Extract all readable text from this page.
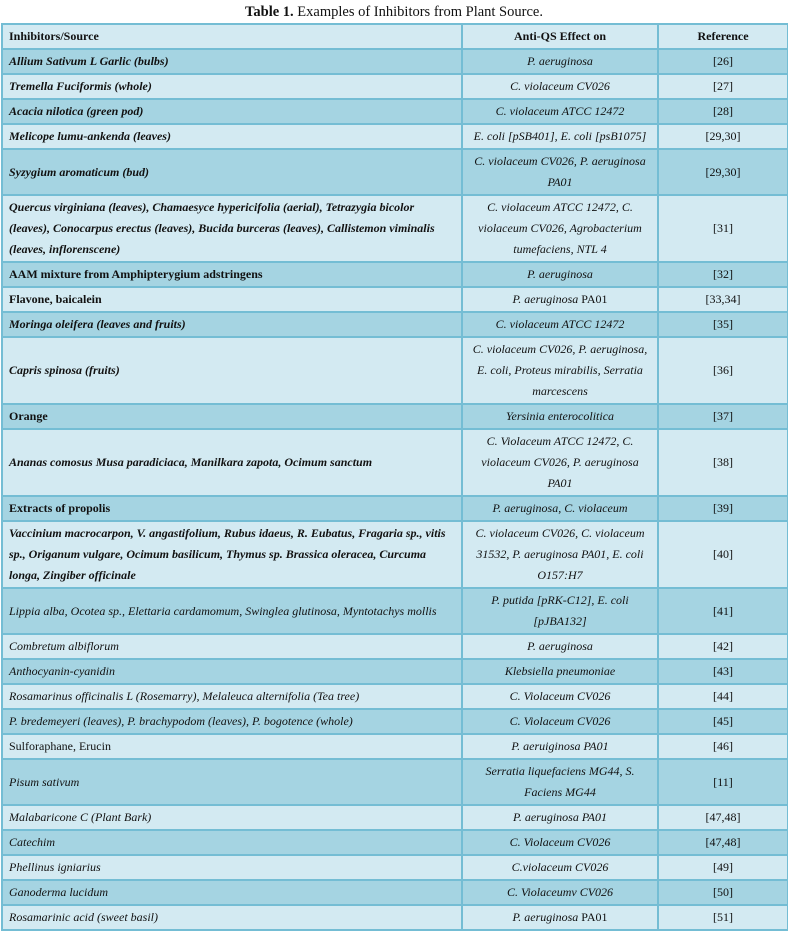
Table 1. Examples of Inhibitors from Plant Source.
Inhibitors/Source	Anti-QS Effect on	Reference
Allium Sativum L Garlic (bulbs)	P. aeruginosa	[26]
Tremella Fuciformis (whole)	C. violaceum CV026	[27]
Acacia nilotica (green pod)	C. violaceum ATCC 12472	[28]
Melicope lumu-ankenda (leaves)	E. coli [pSB401], E. coli [psB1075]	[29,30]
Syzygium aromaticum (bud)	C. violaceum CV026, P. aeruginosa PA01	[29,30]
Quercus virginiana (leaves), Chamaesyce hypericifolia (aerial), Tetrazygia bicolor (leaves), Conocarpus erectus (leaves), Bucida burceras (leaves), Callistemon viminalis (leaves, inflorenscene)	C. violaceum ATCC 12472, C. violaceum CV026, Agrobacterium tumefaciens, NTL 4	[31]
AAM mixture from Amphipterygium adstringens	P. aeruginosa	[32]
Flavone, baicalein	P. aeruginosa PA01	[33,34]
Moringa oleifera (leaves and fruits)	C. violaceum ATCC 12472	[35]
Capris spinosa (fruits)	C. violaceum CV026, P. aeruginosa, E. coli, Proteus mirabilis, Serratia marcescens	[36]
Orange	Yersinia enterocolitica	[37]
Ananas comosus Musa paradiciaca, Manilkara zapota, Ocimum sanctum	C. Violaceum ATCC 12472, C. violaceum CV026, P. aeruginosa PA01	[38]
Extracts of propolis	P. aeruginosa, C. violaceum	[39]
Vaccinium macrocarpon, V. angastifolium, Rubus idaeus, R. Eubatus, Fragaria sp., vitis sp., Origanum vulgare, Ocimum basilicum, Thymus sp. Brassica oleracea, Curcuma longa, Zingiber officinale	C. violaceum CV026, C. violaceum 31532, P. aeruginosa PA01, E. coli O157:H7	[40]
Lippia alba, Ocotea sp., Elettaria cardamomum, Swinglea glutinosa, Myntotachys mollis	P. putida [pRK-C12], E. coli [pJBA132]	[41]
Combretum albiflorum	P. aeruginosa	[42]
Anthocyanin-cyanidin	Klebsiella pneumoniae	[43]
Rosamarinus officinalis L (Rosemarry), Melaleuca alternifolia (Tea tree)	C. Violaceum CV026	[44]
P. bredemeyeri (leaves), P. brachypodom (leaves), P. bogotence (whole)	C. Violaceum CV026	[45]
Sulforaphane, Erucin	P. aeruiginosa PA01	[46]
Pisum sativum	Serratia liquefaciens MG44, S. Faciens MG44	[11]
Malabaricone C (Plant Bark)	P. aeruginosa PA01	[47,48]
Catechim	C. Violaceum CV026	[47,48]
Phellinus igniarius	C.violaceum CV026	[49]
Ganoderma lucidum	C. Violaceumv CV026	[50]
Rosamarinic acid (sweet basil)	P. aeruginosa PA01	[51]
